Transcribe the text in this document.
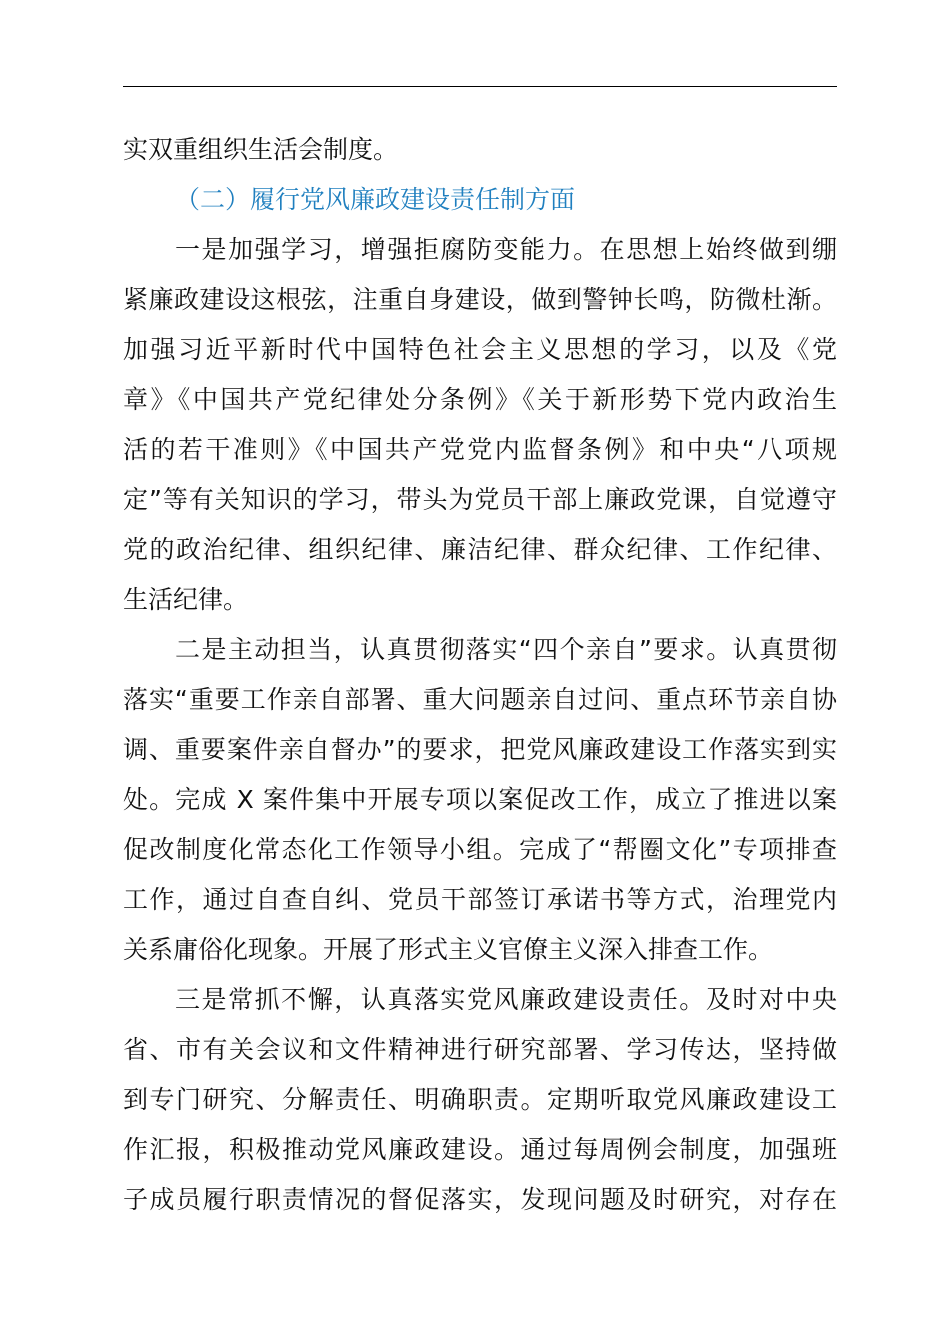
实双重组织生活会制度。
（二）履行党风廉政建设责任制方面
一是加强学习，增强拒腐防变能力。在思想上始终做到绷
紧廉政建设这根弦，注重自身建设，做到警钟长鸣，防微杜渐。
加强习近平新时代中国特色社会主义思想的学习，以及《党
章》《中国共产党纪律处分条例》《关于新形势下党内政治生
活的若干准则》《中国共产党党内监督条例》和中央“八项规
定”等有关知识的学习，带头为党员干部上廉政党课，自觉遵守
党的政治纪律、组织纪律、廉洁纪律、群众纪律、工作纪律、
生活纪律。
二是主动担当，认真贯彻落实“四个亲自”要求。认真贯彻
落实“重要工作亲自部署、重大问题亲自过问、重点环节亲自协
调、重要案件亲自督办”的要求，把党风廉政建设工作落实到实
处。完成 X 案件集中开展专项以案促改工作，成立了推进以案
促改制度化常态化工作领导小组。完成了“帮圈文化”专项排查
工作，通过自查自纠、党员干部签订承诺书等方式，治理党内
关系庸俗化现象。开展了形式主义官僚主义深入排查工作。
三是常抓不懈，认真落实党风廉政建设责任。及时对中央
省、市有关会议和文件精神进行研究部署、学习传达，坚持做
到专门研究、分解责任、明确职责。定期听取党风廉政建设工
作汇报，积极推动党风廉政建设。通过每周例会制度，加强班
子成员履行职责情况的督促落实，发现问题及时研究，对存在
